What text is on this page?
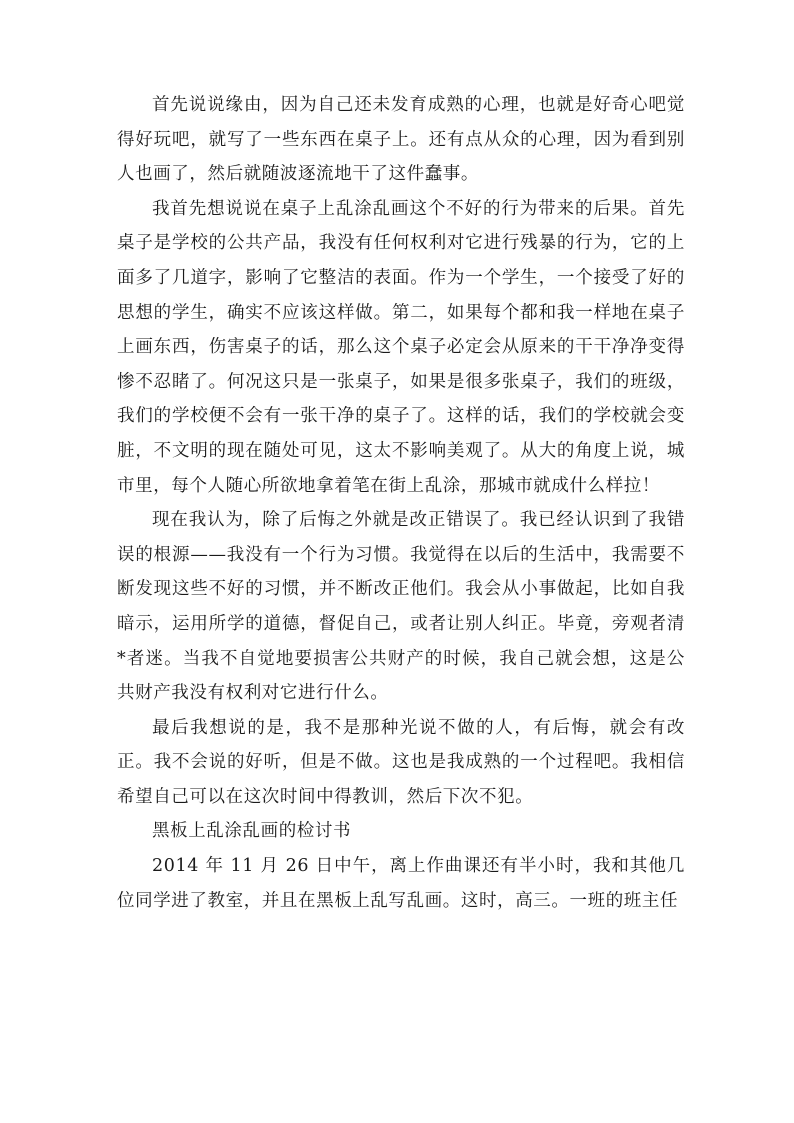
首先说说缘由，因为自己还未发育成熟的心理，也就是好奇心吧觉得好玩吧，就写了一些东西在桌子上。还有点从众的心理，因为看到别人也画了，然后就随波逐流地干了这件蠢事。

我首先想说说在桌子上乱涂乱画这个不好的行为带来的后果。首先桌子是学校的公共产品，我没有任何权利对它进行残暴的行为，它的上面多了几道字，影响了它整洁的表面。作为一个学生，一个接受了好的思想的学生，确实不应该这样做。第二，如果每个都和我一样地在桌子上画东西，伤害桌子的话，那么这个桌子必定会从原来的干干净净变得惨不忍睹了。何况这只是一张桌子，如果是很多张桌子，我们的班级，我们的学校便不会有一张干净的桌子了。这样的话，我们的学校就会变脏，不文明的现在随处可见，这太不影响美观了。从大的角度上说，城市里，每个人随心所欲地拿着笔在街上乱涂，那城市就成什么样拉！

现在我认为，除了后悔之外就是改正错误了。我已经认识到了我错误的根源——我没有一个行为习惯。我觉得在以后的生活中，我需要不断发现这些不好的习惯，并不断改正他们。我会从小事做起，比如自我暗示，运用所学的道德，督促自己，或者让别人纠正。毕竟，旁观者清*者迷。当我不自觉地要损害公共财产的时候，我自己就会想，这是公共财产我没有权利对它进行什么。

最后我想说的是，我不是那种光说不做的人，有后悔，就会有改正。我不会说的好听，但是不做。这也是我成熟的一个过程吧。我相信希望自己可以在这次时间中得教训，然后下次不犯。

黑板上乱涂乱画的检讨书

2014 年 11 月 26 日中午，离上作曲课还有半小时，我和其他几位同学进了教室，并且在黑板上乱写乱画。这时，高三。一班的班主任
